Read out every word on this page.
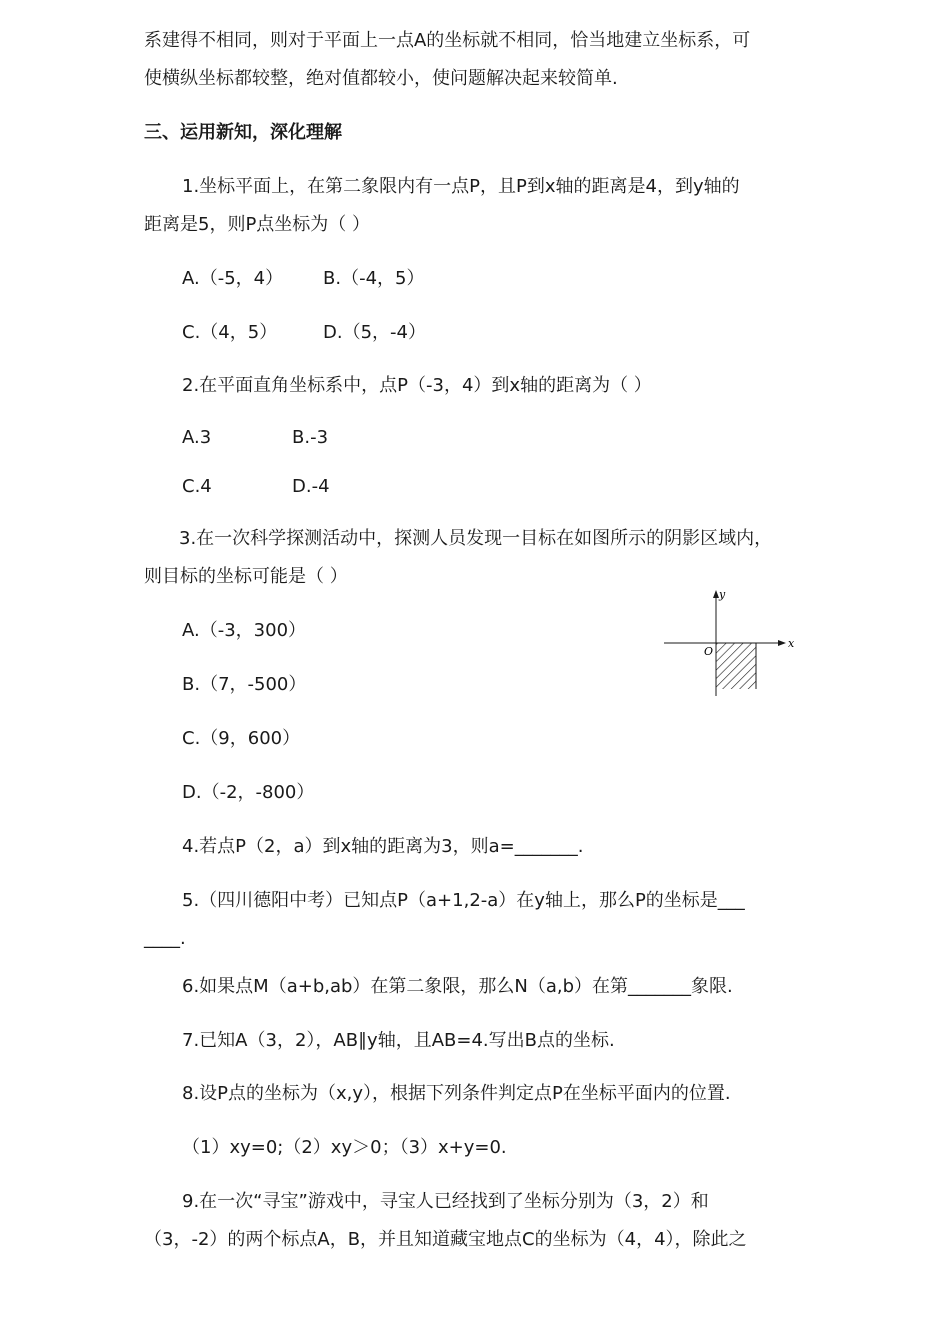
系建得不相同，则对于平面上一点A的坐标就不相同，恰当地建立坐标系，可
使横纵坐标都较整，绝对值都较小，使问题解决起来较简单.
三、运用新知，深化理解
1.坐标平面上，在第二象限内有一点P，且P到x轴的距离是4，到y轴的
距离是5，则P点坐标为（ ）
A.（-5，4） B.（-4，5）
C.（4，5）	D.（5，-4）
2.在平面直角坐标系中，点P（-3，4）到x轴的距离为（ ）
A.3	B.-3
C.4	D.-4
3.在一次科学探测活动中，探测人员发现一目标在如图所示的阴影区域内，
则目标的坐标可能是（ ）
A.（-3，300）
B.（7，-500）
C.（9，600）
D.（-2，-800）
x
y
O
4.若点P（2，a）到x轴的距离为3，则a=_______.
5.（四川德阳中考）已知点P（a+1,2-a）在y轴上，那么P的坐标是___
____.
6.如果点M（a+b,ab）在第二象限，那么N（a,b）在第_______象限.
7.已知A（3，2），AB∥y轴，且AB=4.写出B点的坐标.
8.设P点的坐标为（x,y），根据下列条件判定点P在坐标平面内的位置.
（1）xy=0;（2）xy＞0；（3）x+y=0.
9.在一次“寻宝”游戏中，寻宝人已经找到了坐标分别为（3，2）和
（3，-2）的两个标点A，B，并且知道藏宝地点C的坐标为（4，4），除此之
